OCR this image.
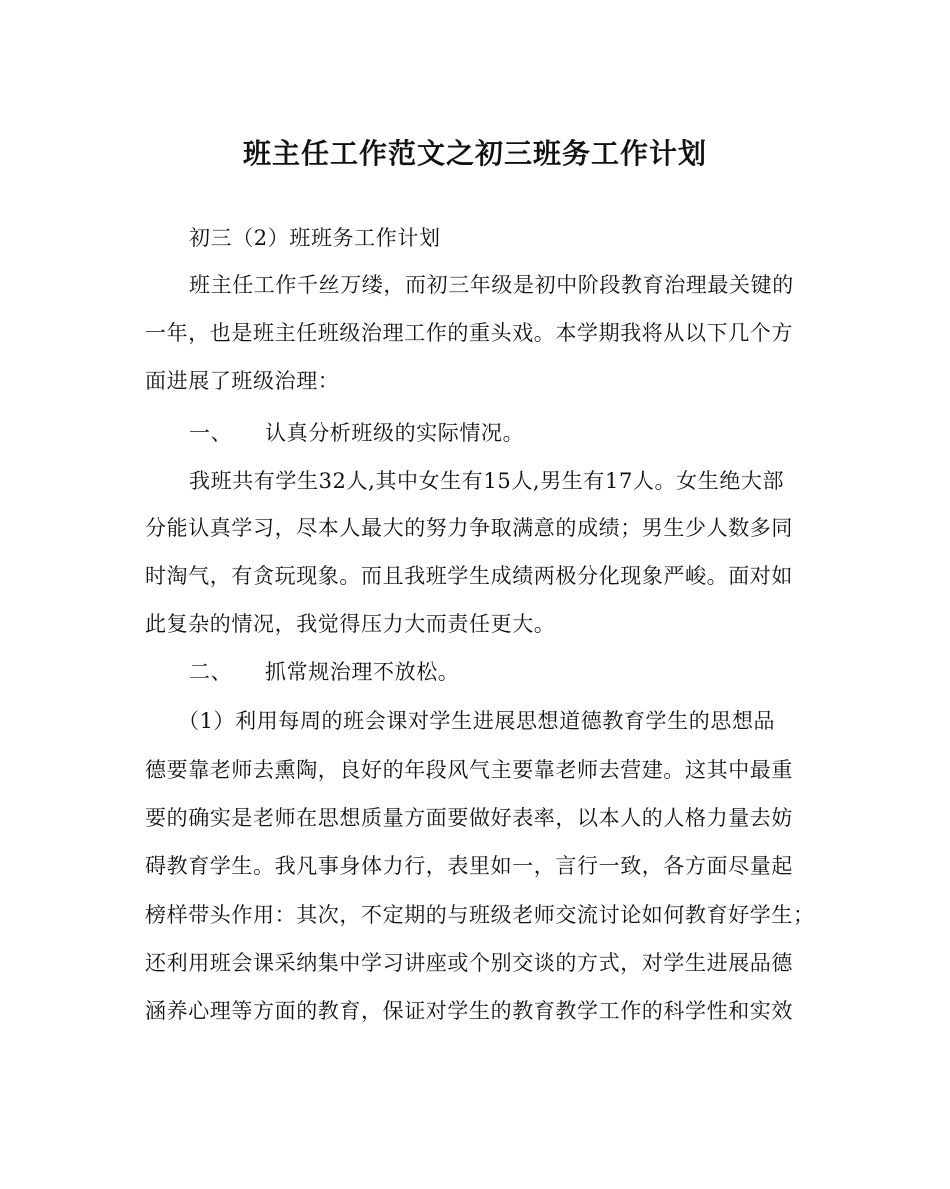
班主任工作范文之初三班务工作计划
初三（2）班班务工作计划
班主任工作千丝万缕，而初三年级是初中阶段教育治理最关键的
一年，也是班主任班级治理工作的重头戏。本学期我将从以下几个方
面进展了班级治理：
一、 认真分析班级的实际情况。
我班共有学生32人,其中女生有15人,男生有17人。女生绝大部
分能认真学习，尽本人最大的努力争取满意的成绩；男生少人数多同
时淘气，有贪玩现象。而且我班学生成绩两极分化现象严峻。面对如
此复杂的情况，我觉得压力大而责任更大。
二、 抓常规治理不放松。
（1）利用每周的班会课对学生进展思想道德教育学生的思想品
德要靠老师去熏陶，良好的年段风气主要靠老师去营建。这其中最重
要的确实是老师在思想质量方面要做好表率，以本人的人格力量去妨
碍教育学生。我凡事身体力行，表里如一，言行一致，各方面尽量起
榜样带头作用：其次，不定期的与班级老师交流讨论如何教育好学生；
还利用班会课采纳集中学习讲座或个别交谈的方式，对学生进展品德
涵养心理等方面的教育，保证对学生的教育教学工作的科学性和实效
